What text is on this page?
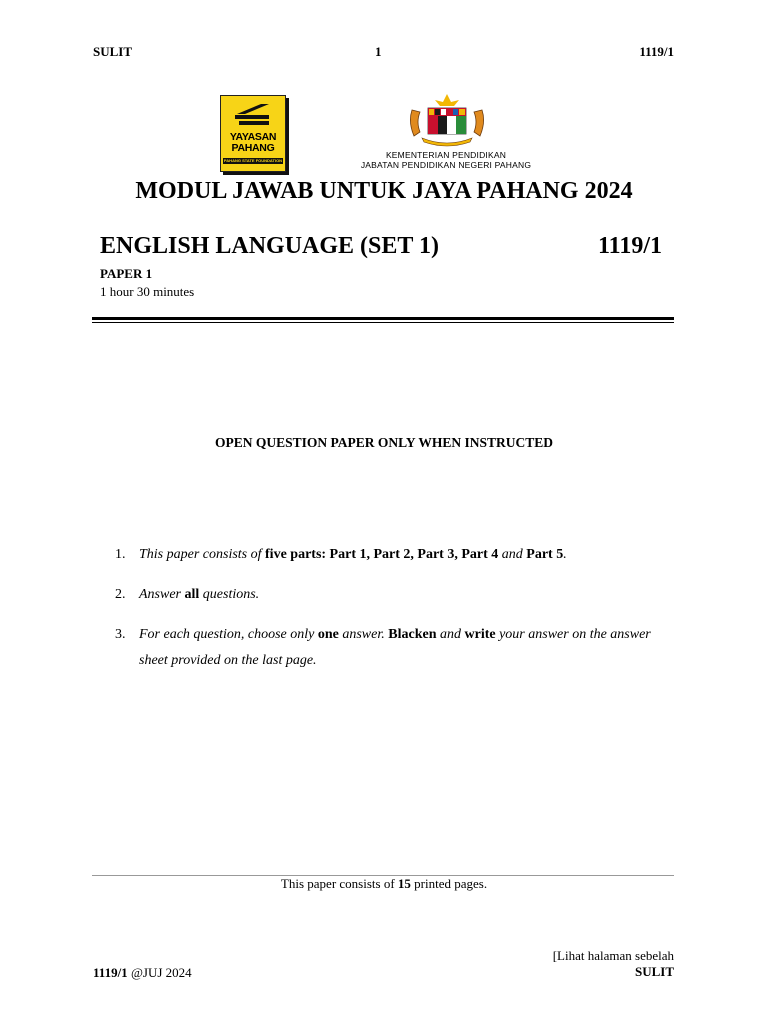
SULIT	1	1119/1
YAYASAN
PAHANG
PAHANG STATE FOUNDATION
KEMENTERIAN PENDIDIKAN
JABATAN PENDIDIKAN NEGERI PAHANG
MODUL JAWAB UNTUK JAYA PAHANG 2024
ENGLISH LANGUAGE (SET 1)	1119/1
PAPER 1
1 hour 30 minutes
OPEN QUESTION PAPER ONLY WHEN INSTRUCTED
1. This paper consists of five parts: Part 1, Part 2, Part 3, Part 4 and Part 5.
2. Answer all questions.
3. For each question, choose only one answer. Blacken and write your answer on the answer sheet provided on the last page.
This paper consists of 15 printed pages.
[Lihat halaman sebelah
SULIT
1119/1 @JUJ 2024
